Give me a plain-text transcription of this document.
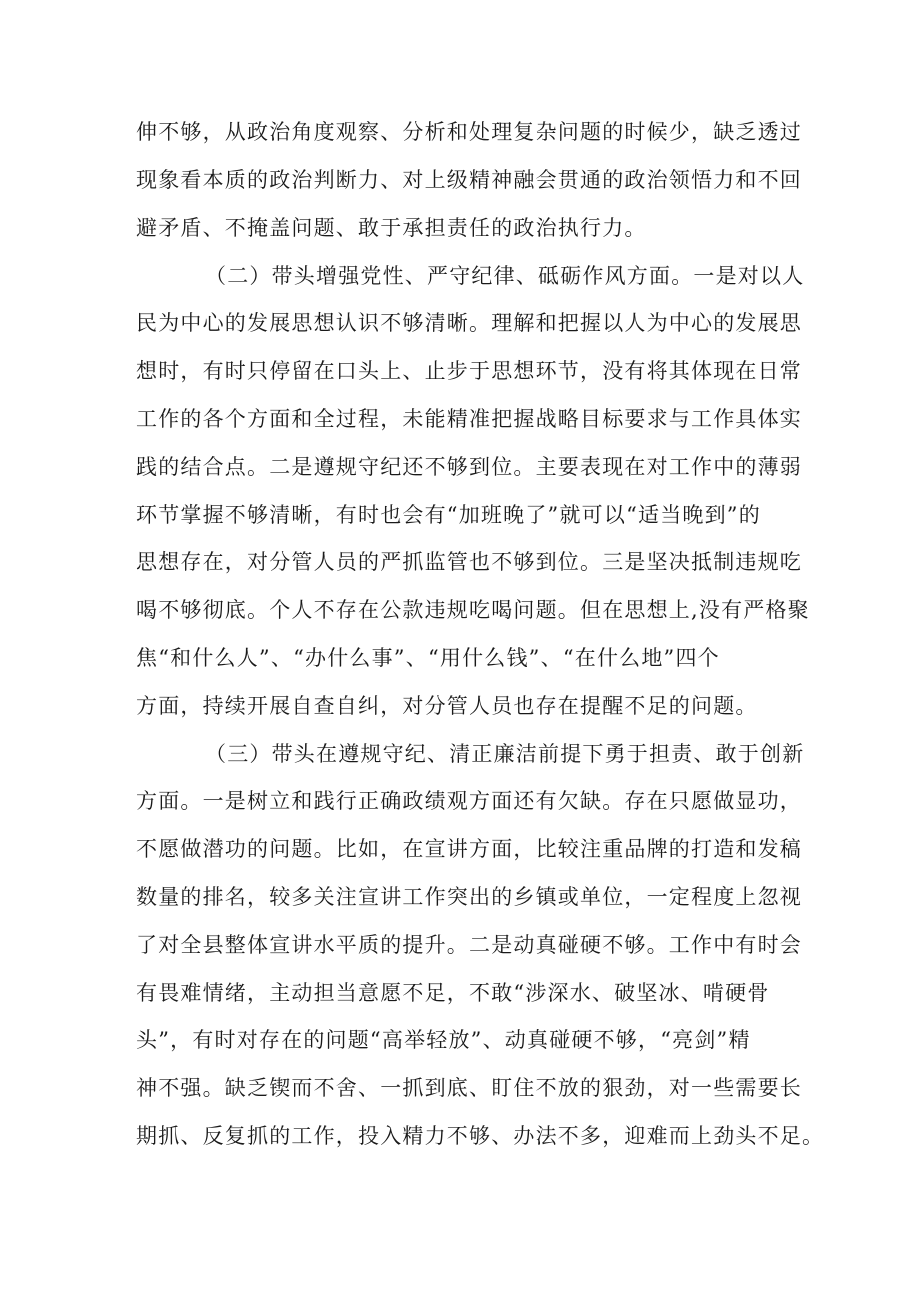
伸不够，从政治角度观察、分析和处理复杂问题的时候少，缺乏透过
现象看本质的政治判断力、对上级精神融会贯通的政治领悟力和不回
避矛盾、不掩盖问题、敢于承担责任的政治执行力。
（二）带头增强党性、严守纪律、砥砺作风方面。一是对以人
民为中心的发展思想认识不够清晰。理解和把握以人为中心的发展思
想时，有时只停留在口头上、止步于思想环节，没有将其体现在日常
工作的各个方面和全过程，未能精准把握战略目标要求与工作具体实
践的结合点。二是遵规守纪还不够到位。主要表现在对工作中的薄弱
环节掌握不够清晰，有时也会有“加班晚了”就可以“适当晚到”的
思想存在，对分管人员的严抓监管也不够到位。三是坚决抵制违规吃
喝不够彻底。个人不存在公款违规吃喝问题。但在思想上,没有严格聚
焦“和什么人”、“办什么事”、“用什么钱”、“在什么地”四个
方面，持续开展自查自纠，对分管人员也存在提醒不足的问题。
（三）带头在遵规守纪、清正廉洁前提下勇于担责、敢于创新
方面。一是树立和践行正确政绩观方面还有欠缺。存在只愿做显功，
不愿做潜功的问题。比如，在宣讲方面，比较注重品牌的打造和发稿
数量的排名，较多关注宣讲工作突出的乡镇或单位，一定程度上忽视
了对全县整体宣讲水平质的提升。二是动真碰硬不够。工作中有时会
有畏难情绪，主动担当意愿不足，不敢“涉深水、破坚冰、啃硬骨
头”，有时对存在的问题“高举轻放”、动真碰硬不够，“亮剑”精
神不强。缺乏锲而不舍、一抓到底、盯住不放的狠劲，对一些需要长
期抓、反复抓的工作，投入精力不够、办法不多，迎难而上劲头不足。
